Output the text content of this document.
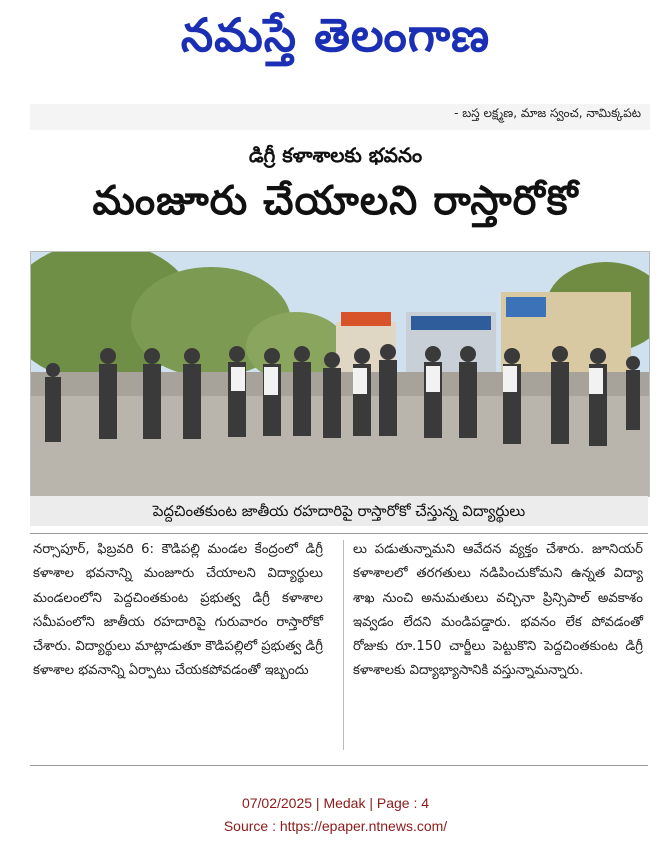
నమస్తే తెలంగాణ
- బస్త లక్ష్మణ, మాజ స్వంచ, నామిక్కపట
డిగ్రీ కళాశాలకు భవనం
మంజూరు చేయాలని రాస్తారోకో
పెద్దచింతకుంట జాతీయ రహదారిపై రాస్తారోకో చేస్తున్న విద్యార్థులు

నర్సాపూర్, ఫిబ్రవరి 6: కౌడిపల్లి మండల కేంద్రంలో డిగ్రీ కళాశాల భవనాన్ని మంజూరు చేయాలని విద్యార్థులు మండలంలోని పెద్దచింతకుంట ప్రభుత్వ డిగ్రీ కళాశాల సమీపంలోని జాతీయ రహదారిపై గురువారం రాస్తారోకో చేశారు. విద్యార్థులు మాట్లాడుతూ కౌడిపల్లిలో ప్రభుత్వ డిగ్రీ కళాశాల భవనాన్ని ఏర్పాటు చేయకపోవడంతో ఇబ్బందు

లు పడుతున్నామని ఆవేదన వ్యక్తం చేశారు. జూనియర్ కళాశాలలో తరగతులు నడిపించుకోమని ఉన్నత విద్యా శాఖ నుంచి అనుమతులు వచ్చినా ప్రిన్సిపాల్ అవకాశం ఇవ్వడం లేదని మండిపడ్డారు. భవనం లేక పోవడంతో రోజుకు రూ.150 చార్జీలు పెట్టుకొని పెద్దచింతకుంట డిగ్రీ కళాశాలకు విద్యాభ్యాసానికి వస్తున్నామన్నారు.

07/02/2025 | Medak | Page : 4
Source : https://epaper.ntnews.com/
